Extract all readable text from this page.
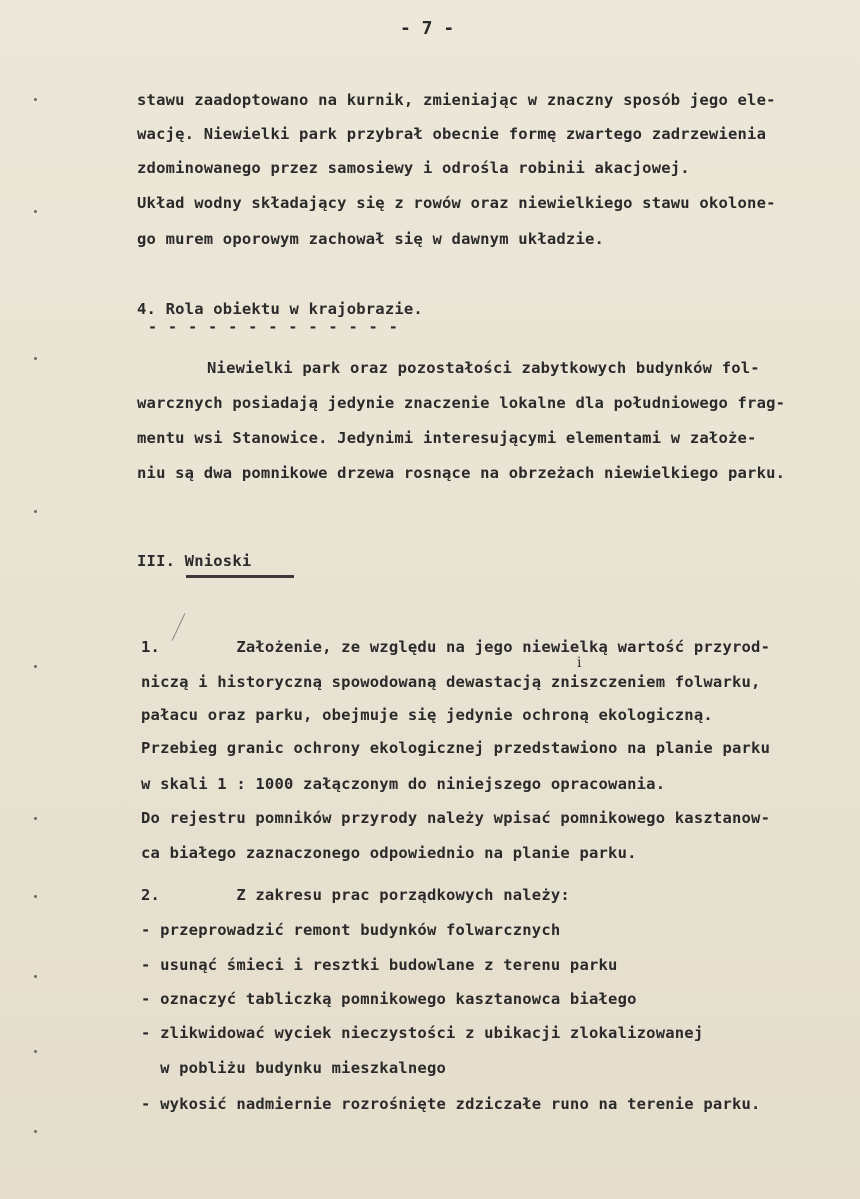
- 7 -
stawu zaadoptowano na kurnik, zmieniając w znaczny sposób jego ele-
wację. Niewielki park przybrał obecnie formę zwartego zadrzewienia
zdominowanego przez samosiewy i odrośla robinii akacjowej.
Układ wodny składający się z rowów oraz niewielkiego stawu okolone-
go murem oporowym zachował się w dawnym układzie.
4. Rola obiektu w krajobrazie.
- - - - - - - - - - - - -
Niewielki park oraz pozostałości zabytkowych budynków fol-
warcznych posiadają jedynie znaczenie lokalne dla południowego frag-
mentu wsi Stanowice. Jedynimi interesującymi elementami w założe-
niu są dwa pomnikowe drzewa rosnące na obrzeżach niewielkiego parku.
III. Wnioski
1.        Założenie, ze względu na jego niewielką wartość przyrod-
niczą i historyczną spowodowaną dewastacją zniszczeniem folwarku,
pałacu oraz parku, obejmuje się jedynie ochroną ekologiczną.
Przebieg granic ochrony ekologicznej przedstawiono na planie parku
w skali 1 : 1000 załączonym do niniejszego opracowania.
Do rejestru pomników przyrody należy wpisać pomnikowego kasztanow-
ca białego zaznaczonego odpowiednio na planie parku.
2.        Z zakresu prac porządkowych należy:
- przeprowadzić remont budynków folwarcznych
- usunąć śmieci i resztki budowlane z terenu parku
- oznaczyć tabliczką pomnikowego kasztanowca białego
- zlikwidować wyciek nieczystości z ubikacji zlokalizowanej
w pobliżu budynku mieszkalnego
- wykosić nadmiernie rozrośnięte zdziczałe runo na terenie parku.
i
